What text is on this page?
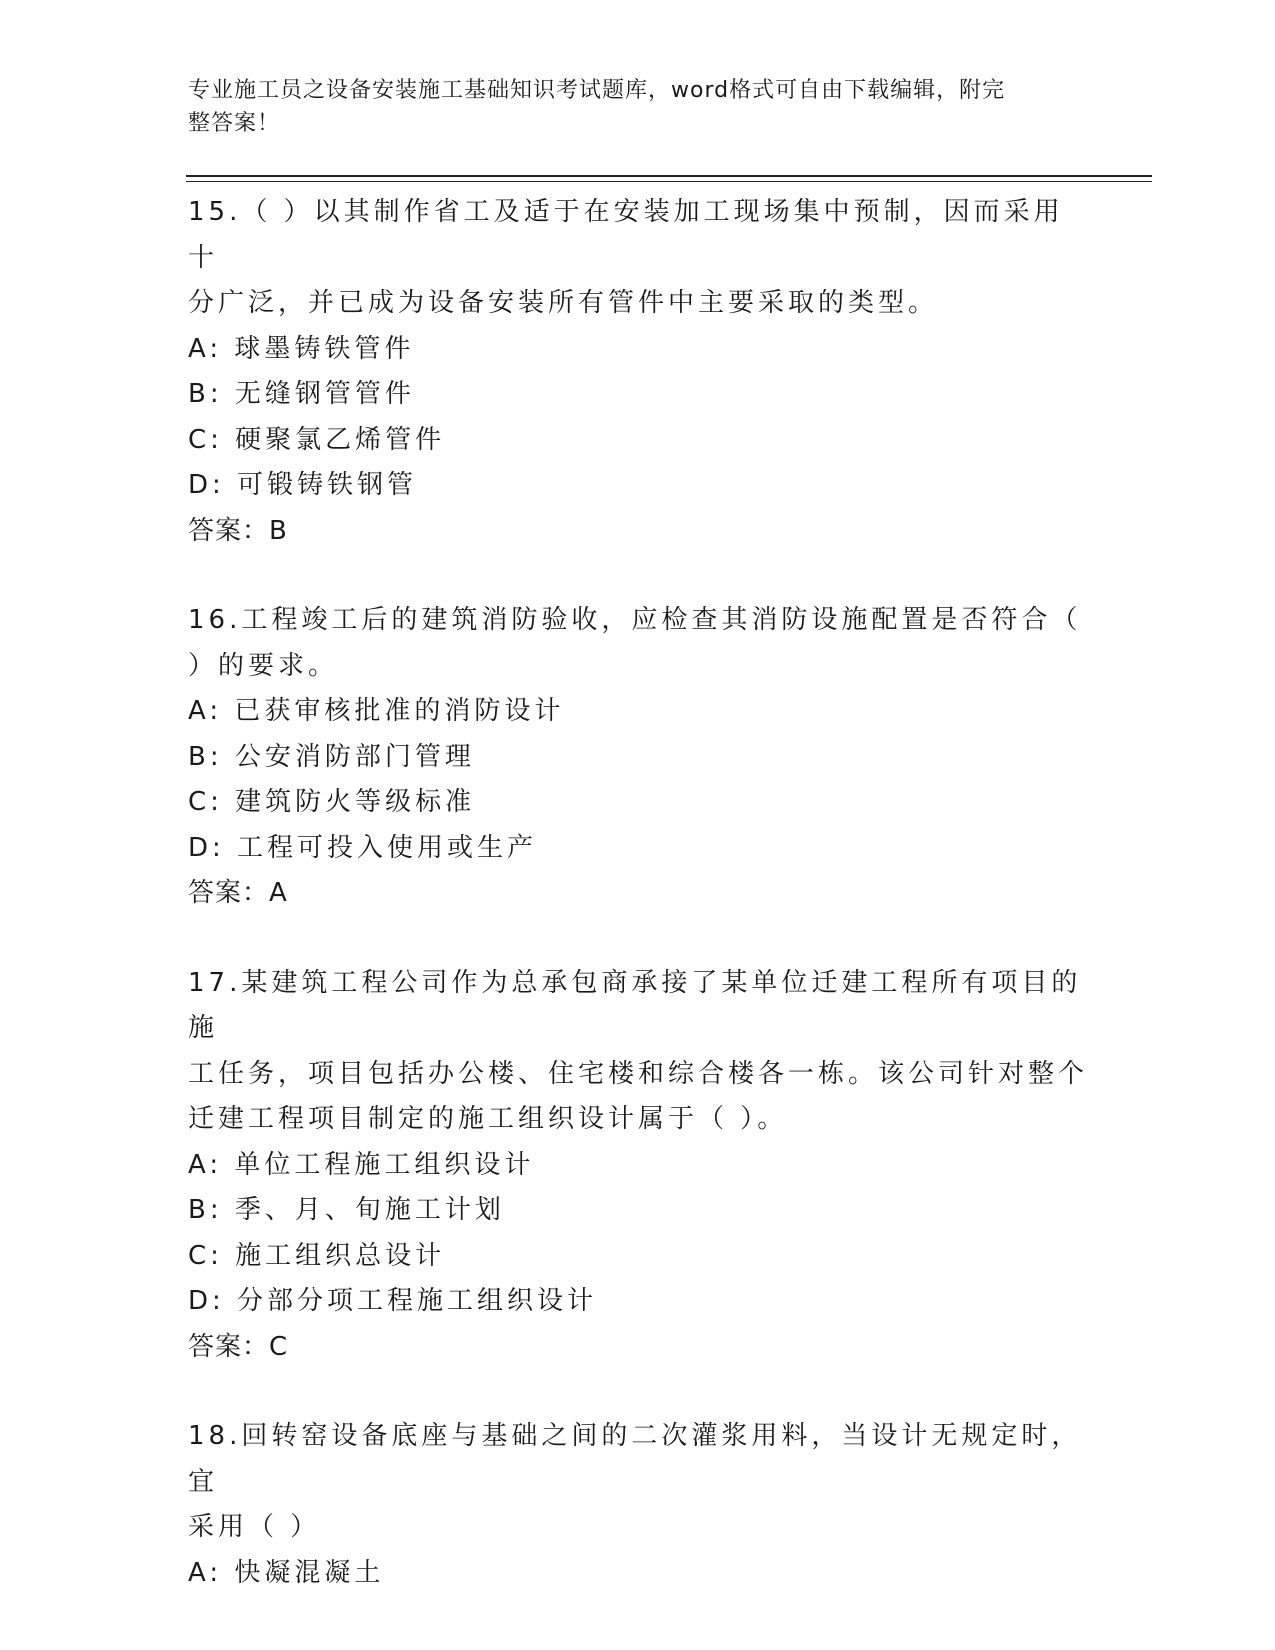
专业施工员之设备安装施工基础知识考试题库，word格式可自由下载编辑，附完
整答案！

15.（ ）以其制作省工及适于在安装加工现场集中预制，因而采用十

分广泛，并已成为设备安装所有管件中主要采取的类型。

A: 球墨铸铁管件

B: 无缝钢管管件

C: 硬聚氯乙烯管件

D: 可锻铸铁钢管

答案：B

16.工程竣工后的建筑消防验收，应检查其消防设施配置是否符合（

）的要求。

A: 已获审核批准的消防设计

B: 公安消防部门管理

C: 建筑防火等级标准

D: 工程可投入使用或生产

答案：A

17.某建筑工程公司作为总承包商承接了某单位迁建工程所有项目的施

工任务，项目包括办公楼、住宅楼和综合楼各一栋。该公司针对整个

迁建工程项目制定的施工组织设计属于（ ）。

A: 单位工程施工组织设计

B: 季、月、旬施工计划

C: 施工组织总设计

D: 分部分项工程施工组织设计

答案：C

18.回转窑设备底座与基础之间的二次灌浆用料，当设计无规定时，宜

采用（ ）

A: 快凝混凝土
